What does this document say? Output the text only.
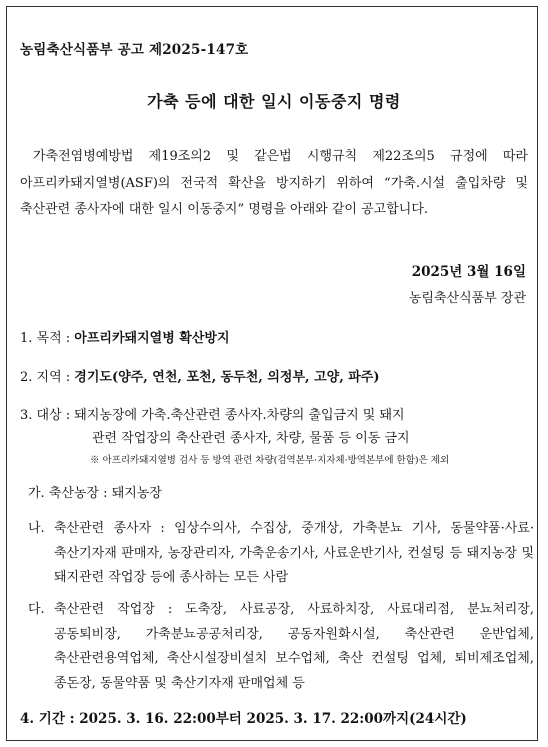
농림축산식품부 공고 제2025-147호
가축 등에 대한 일시 이동중지 명령
가축전염병예방법 제19조의2 및 같은법 시행규칙 제22조의5 규정에 따라 아프리카돼지열병(ASF)의 전국적 확산을 방지하기 위하여 “가축.시설 출입차량 및 축산관련 종사자에 대한 일시 이동중지” 명령을 아래와 같이 공고합니다.
2025년 3월 16일
농림축산식품부 장관
1. 목적 : 아프리카돼지열병 확산방지
2. 지역 : 경기도(양주, 연천, 포천, 동두천, 의정부, 고양, 파주)
3. 대상 : 돼지농장에 가축.축산관련 종사자.차량의 출입금지 및 돼지
관련 작업장의 축산관련 종사자, 차량, 물품 등 이동 금지
※ 아프리카돼지열병 검사 등 방역 관련 차량(검역본부·지자체·방역본부에 한함)은 제외
가. 축산농장 : 돼지농장
나. 축산관련 종사자 : 임상수의사, 수집상, 중개상, 가축분뇨 기사, 동물약품·사료·축산기자재 판매자, 농장관리자, 가축운송기사, 사료운반기사, 컨설팅 등 돼지농장 및 돼지관련 작업장 등에 종사하는 모든 사람
다. 축산관련 작업장 : 도축장, 사료공장, 사료하치장, 사료대리점, 분뇨처리장, 공동퇴비장, 가축분뇨공공처리장, 공동자원화시설, 축산관련 운반업체, 축산관련용역업체, 축산시설장비설치 보수업체, 축산 컨설팅 업체, 퇴비제조업체, 종돈장, 동물약품 및 축산기자재 판매업체 등
4. 기간 : 2025. 3. 16. 22:00부터 2025. 3. 17. 22:00까지(24시간)
